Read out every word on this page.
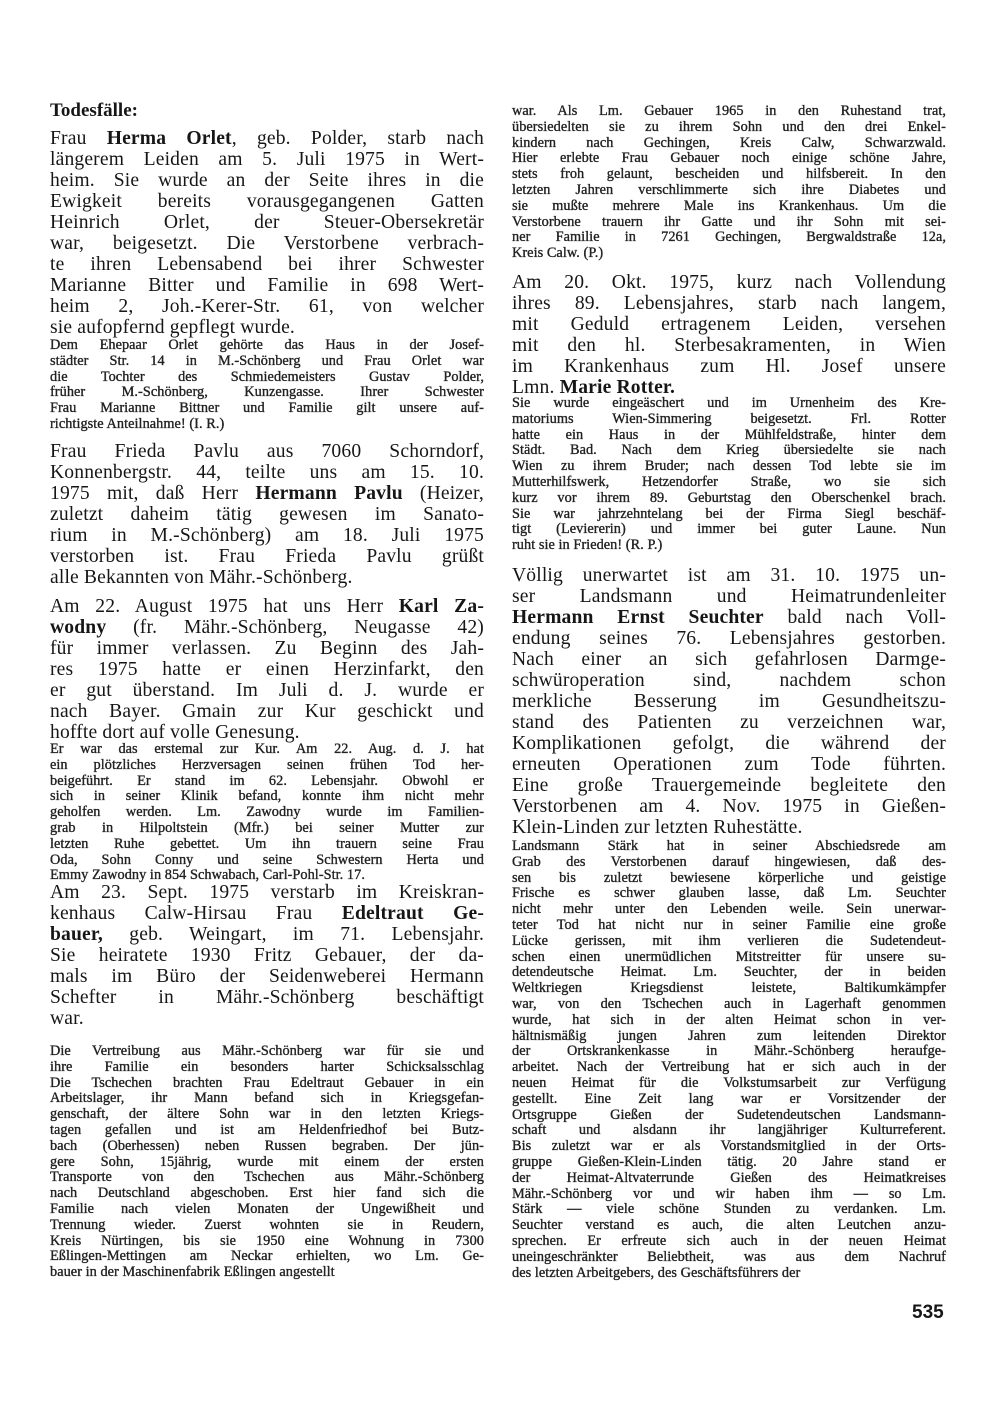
Todesfälle:
Frau Herma Orlet, geb. Polder, starb nach
längerem Leiden am 5. Juli 1975 in Wert-
heim. Sie wurde an der Seite ihres in die
Ewigkeit bereits vorausgegangenen Gatten
Heinrich Orlet, der Steuer-Obersekretär
war, beigesetzt. Die Verstorbene verbrach-
te ihren Lebensabend bei ihrer Schwester
Marianne Bitter und Familie in 698 Wert-
heim 2, Joh.-Kerer-Str. 61, von welcher
sie aufopfernd gepflegt wurde.
Dem Ehepaar Orlet gehörte das Haus in der Josef-
städter Str. 14 in M.-Schönberg und Frau Orlet war
die Tochter des Schmiedemeisters Gustav Polder,
früher M.-Schönberg, Kunzengasse. Ihrer Schwester
Frau Marianne Bittner und Familie gilt unsere auf-
richtigste Anteilnahme! (I. R.)
Frau Frieda Pavlu aus 7060 Schorndorf,
Konnenbergstr. 44, teilte uns am 15. 10.
1975 mit, daß Herr Hermann Pavlu (Heizer,
zuletzt daheim tätig gewesen im Sanato-
rium in M.-Schönberg) am 18. Juli 1975
verstorben ist. Frau Frieda Pavlu grüßt
alle Bekannten von Mähr.-Schönberg.
Am 22. August 1975 hat uns Herr Karl Za-
wodny (fr. Mähr.-Schönberg, Neugasse 42)
für immer verlassen. Zu Beginn des Jah-
res 1975 hatte er einen Herzinfarkt, den
er gut überstand. Im Juli d. J. wurde er
nach Bayer. Gmain zur Kur geschickt und
hoffte dort auf volle Genesung.
Er war das erstemal zur Kur. Am 22. Aug. d. J. hat
ein plötzliches Herzversagen seinen frühen Tod her-
beigeführt. Er stand im 62. Lebensjahr. Obwohl er
sich in seiner Klinik befand, konnte ihm nicht mehr
geholfen werden. Lm. Zawodny wurde im Familien-
grab in Hilpoltstein (Mfr.) bei seiner Mutter zur
letzten Ruhe gebettet. Um ihn trauern seine Frau
Oda, Sohn Conny und seine Schwestern Herta und
Emmy Zawodny in 854 Schwabach, Carl-Pohl-Str. 17.
Am 23. Sept. 1975 verstarb im Kreiskran-
kenhaus Calw-Hirsau Frau Edeltraut Ge-
bauer, geb. Weingart, im 71. Lebensjahr.
Sie heiratete 1930 Fritz Gebauer, der da-
mals im Büro der Seidenweberei Hermann
Schefter in Mähr.-Schönberg beschäftigt
war.
Die Vertreibung aus Mähr.-Schönberg war für sie und
ihre Familie ein besonders harter Schicksalsschlag
Die Tschechen brachten Frau Edeltraut Gebauer in ein
Arbeitslager, ihr Mann befand sich in Kriegsgefan-
genschaft, der ältere Sohn war in den letzten Kriegs-
tagen gefallen und ist am Heldenfriedhof bei Butz-
bach (Oberhessen) neben Russen begraben. Der jün-
gere Sohn, 15jährig, wurde mit einem der ersten
Transporte von den Tschechen aus Mähr.-Schönberg
nach Deutschland abgeschoben. Erst hier fand sich die
Familie nach vielen Monaten der Ungewißheit und
Trennung wieder. Zuerst wohnten sie in Reudern,
Kreis Nürtingen, bis sie 1950 eine Wohnung in 7300
Eßlingen-Mettingen am Neckar erhielten, wo Lm. Ge-
bauer in der Maschinenfabrik Eßlingen angestellt
war. Als Lm. Gebauer 1965 in den Ruhestand trat,
übersiedelten sie zu ihrem Sohn und den drei Enkel-
kindern nach Gechingen, Kreis Calw, Schwarzwald.
Hier erlebte Frau Gebauer noch einige schöne Jahre,
stets froh gelaunt, bescheiden und hilfsbereit. In den
letzten Jahren verschlimmerte sich ihre Diabetes und
sie mußte mehrere Male ins Krankenhaus. Um die
Verstorbene trauern ihr Gatte und ihr Sohn mit sei-
ner Familie in 7261 Gechingen, Bergwaldstraße 12a,
Kreis Calw. (P.)
Am 20. Okt. 1975, kurz nach Vollendung
ihres 89. Lebensjahres, starb nach langem,
mit Geduld ertragenem Leiden, versehen
mit den hl. Sterbesakramenten, in Wien
im Krankenhaus zum Hl. Josef unsere
Lmn. Marie Rotter.
Sie wurde eingeäschert und im Urnenheim des Kre-
matoriums Wien-Simmering beigesetzt. Frl. Rotter
hatte ein Haus in der Mühlfeldstraße, hinter dem
Städt. Bad. Nach dem Krieg übersiedelte sie nach
Wien zu ihrem Bruder; nach dessen Tod lebte sie im
Mutterhilfswerk, Hetzendorfer Straße, wo sie sich
kurz vor ihrem 89. Geburtstag den Oberschenkel brach.
Sie war jahrzehntelang bei der Firma Siegl beschäf-
tigt (Leviererin) und immer bei guter Laune. Nun
ruht sie in Frieden! (R. P.)
Völlig unerwartet ist am 31. 10. 1975 un-
ser Landsmann und Heimatrundenleiter
Hermann Ernst Seuchter bald nach Voll-
endung seines 76. Lebensjahres gestorben.
Nach einer an sich gefahrlosen Darmge-
schwüroperation sind, nachdem schon
merkliche Besserung im Gesundheitszu-
stand des Patienten zu verzeichnen war,
Komplikationen gefolgt, die während der
erneuten Operationen zum Tode führten.
Eine große Trauergemeinde begleitete den
Verstorbenen am 4. Nov. 1975 in Gießen-
Klein-Linden zur letzten Ruhestätte.
Landsmann Stärk hat in seiner Abschiedsrede am
Grab des Verstorbenen darauf hingewiesen, daß des-
sen bis zuletzt bewiesene körperliche und geistige
Frische es schwer glauben lasse, daß Lm. Seuchter
nicht mehr unter den Lebenden weile. Sein unerwar-
teter Tod hat nicht nur in seiner Familie eine große
Lücke gerissen, mit ihm verlieren die Sudetendeut-
schen einen unermüdlichen Mitstreitter für unsere su-
detendeutsche Heimat. Lm. Seuchter, der in beiden
Weltkriegen Kriegsdienst leistete, Baltikumkämpfer
war, von den Tschechen auch in Lagerhaft genommen
wurde, hat sich in der alten Heimat schon in ver-
hältnismäßig jungen Jahren zum leitenden Direktor
der Ortskrankenkasse in Mähr.-Schönberg heraufge-
arbeitet. Nach der Vertreibung hat er sich auch in der
neuen Heimat für die Volkstumsarbeit zur Verfügung
gestellt. Eine Zeit lang war er Vorsitzender der
Ortsgruppe Gießen der Sudetendeutschen Landsmann-
schaft und alsdann ihr langjähriger Kulturreferent.
Bis zuletzt war er als Vorstandsmitglied in der Orts-
gruppe Gießen-Klein-Linden tätig. 20 Jahre stand er
der Heimat-Altvaterrunde Gießen des Heimatkreises
Mähr.-Schönberg vor und wir haben ihm — so Lm.
Stärk — viele schöne Stunden zu verdanken. Lm.
Seuchter verstand es auch, die alten Leutchen anzu-
sprechen. Er erfreute sich auch in der neuen Heimat
uneingeschränkter Beliebtheit, was aus dem Nachruf
des letzten Arbeitgebers, des Geschäftsführers der
535
